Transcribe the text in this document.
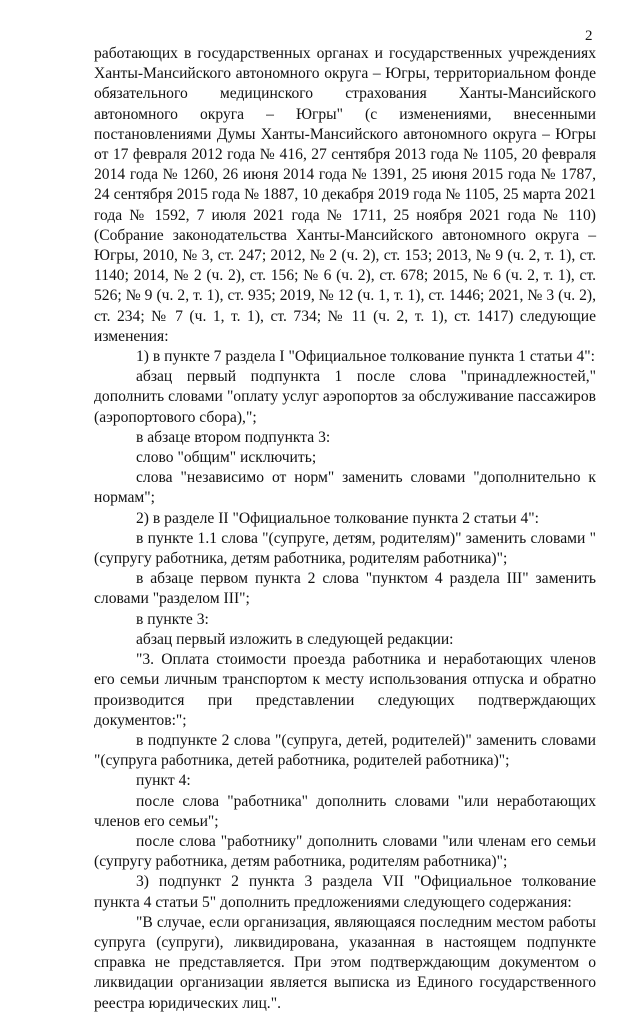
2

работающих в государственных органах и государственных учреждениях Ханты-Мансийского автономного округа – Югры, территориальном фонде обязательного медицинского страхования Ханты-Мансийского автономного округа – Югры" (с изменениями, внесенными постановлениями Думы Ханты-Мансийского автономного округа – Югры от 17 февраля 2012 года № 416, 27 сентября 2013 года № 1105, 20 февраля 2014 года № 1260, 26 июня 2014 года № 1391, 25 июня 2015 года № 1787, 24 сентября 2015 года № 1887, 10 декабря 2019 года № 1105, 25 марта 2021 года № 1592, 7 июля 2021 года № 1711, 25 ноября 2021 года № 110) (Собрание законодательства Ханты-Мансийского автономного округа – Югры, 2010, № 3, ст. 247; 2012, № 2 (ч. 2), ст. 153; 2013, № 9 (ч. 2, т. 1), ст. 1140; 2014, № 2 (ч. 2), ст. 156; № 6 (ч. 2), ст. 678; 2015, № 6 (ч. 2, т. 1), ст. 526; № 9 (ч. 2, т. 1), ст. 935; 2019, № 12 (ч. 1, т. 1), ст. 1446; 2021, № 3 (ч. 2), ст. 234; № 7 (ч. 1, т. 1), ст. 734; № 11 (ч. 2, т. 1), ст. 1417) следующие изменения:

1) в пункте 7 раздела I "Официальное толкование пункта 1 статьи 4":

абзац первый подпункта 1 после слова "принадлежностей," дополнить словами "оплату услуг аэропортов за обслуживание пассажиров (аэропортового сбора),";

в абзаце втором подпункта 3:

слово "общим" исключить;

слова "независимо от норм" заменить словами "дополнительно к нормам";

2) в разделе II "Официальное толкование пункта 2 статьи 4":

в пункте 1.1 слова "(супруге, детям, родителям)" заменить словами "(супругу работника, детям работника, родителям работника)";

в абзаце первом пункта 2 слова "пунктом 4 раздела III" заменить словами "разделом III";

в пункте 3:

абзац первый изложить в следующей редакции:

"3. Оплата стоимости проезда работника и неработающих членов его семьи личным транспортом к месту использования отпуска и обратно производится при представлении следующих подтверждающих документов:";

в подпункте 2 слова "(супруга, детей, родителей)" заменить словами "(супруга работника, детей работника, родителей работника)";

пункт 4:

после слова "работника" дополнить словами "или неработающих членов его семьи";

после слова "работнику" дополнить словами "или членам его семьи (супругу работника, детям работника, родителям работника)";

3) подпункт 2 пункта 3 раздела VII "Официальное толкование пункта 4 статьи 5" дополнить предложениями следующего содержания:

"В случае, если организация, являющаяся последним местом работы супруга (супруги), ликвидирована, указанная в настоящем подпункте справка не представляется. При этом подтверждающим документом о ликвидации организации является выписка из Единого государственного реестра юридических лиц.".
